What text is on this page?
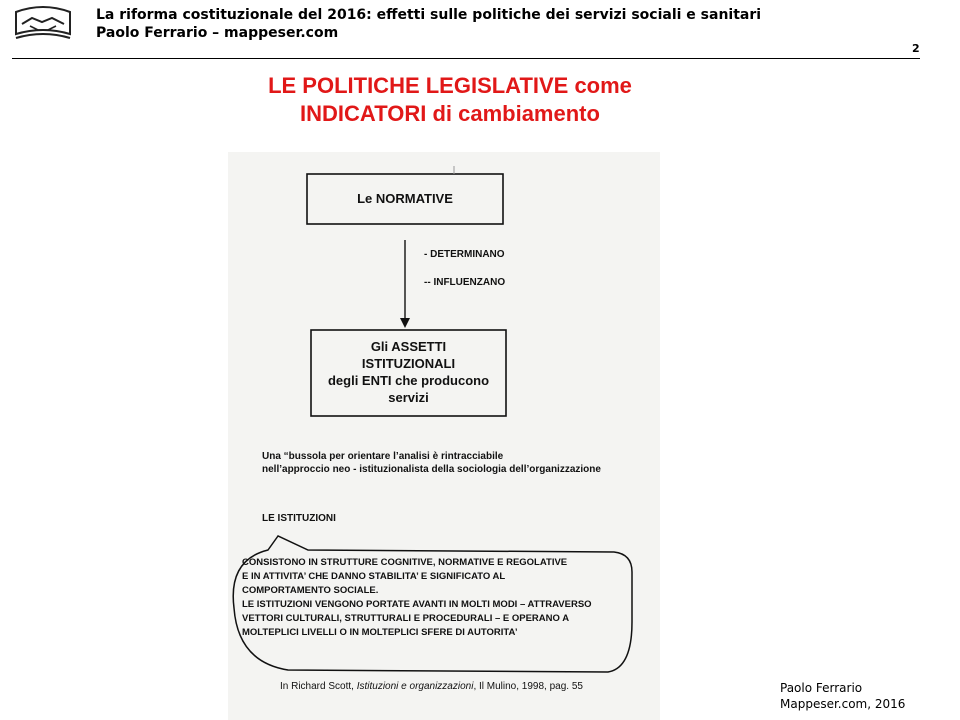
La riforma costituzionale del 2016: effetti sulle politiche dei servizi sociali e sanitari
Paolo Ferrario – mappeser.com
2
LE POLITICHE LEGISLATIVE come
INDICATORI di cambiamento
Le NORMATIVE
- DETERMINANO
-- INFLUENZANO
Gli ASSETTI
ISTITUZIONALI
degli ENTI che producono
servizi
Una “bussola per orientare l’analisi è rintracciabile
nell’approccio neo - istituzionalista della sociologia dell’organizzazione
LE ISTITUZIONI
CONSISTONO IN STRUTTURE COGNITIVE, NORMATIVE E REGOLATIVE
E IN ATTIVITA’ CHE DANNO STABILITA’ E SIGNIFICATO AL
COMPORTAMENTO SOCIALE.
LE ISTITUZIONI VENGONO PORTATE AVANTI IN MOLTI MODI – ATTRAVERSO
VETTORI CULTURALI, STRUTTURALI E PROCEDURALI – E OPERANO A
MOLTEPLICI LIVELLI O IN MOLTEPLICI SFERE DI AUTORITA’
In Richard Scott, Istituzioni e organizzazioni, Il Mulino, 1998, pag. 55	Paolo Ferrario
Mappeser.com, 2016
